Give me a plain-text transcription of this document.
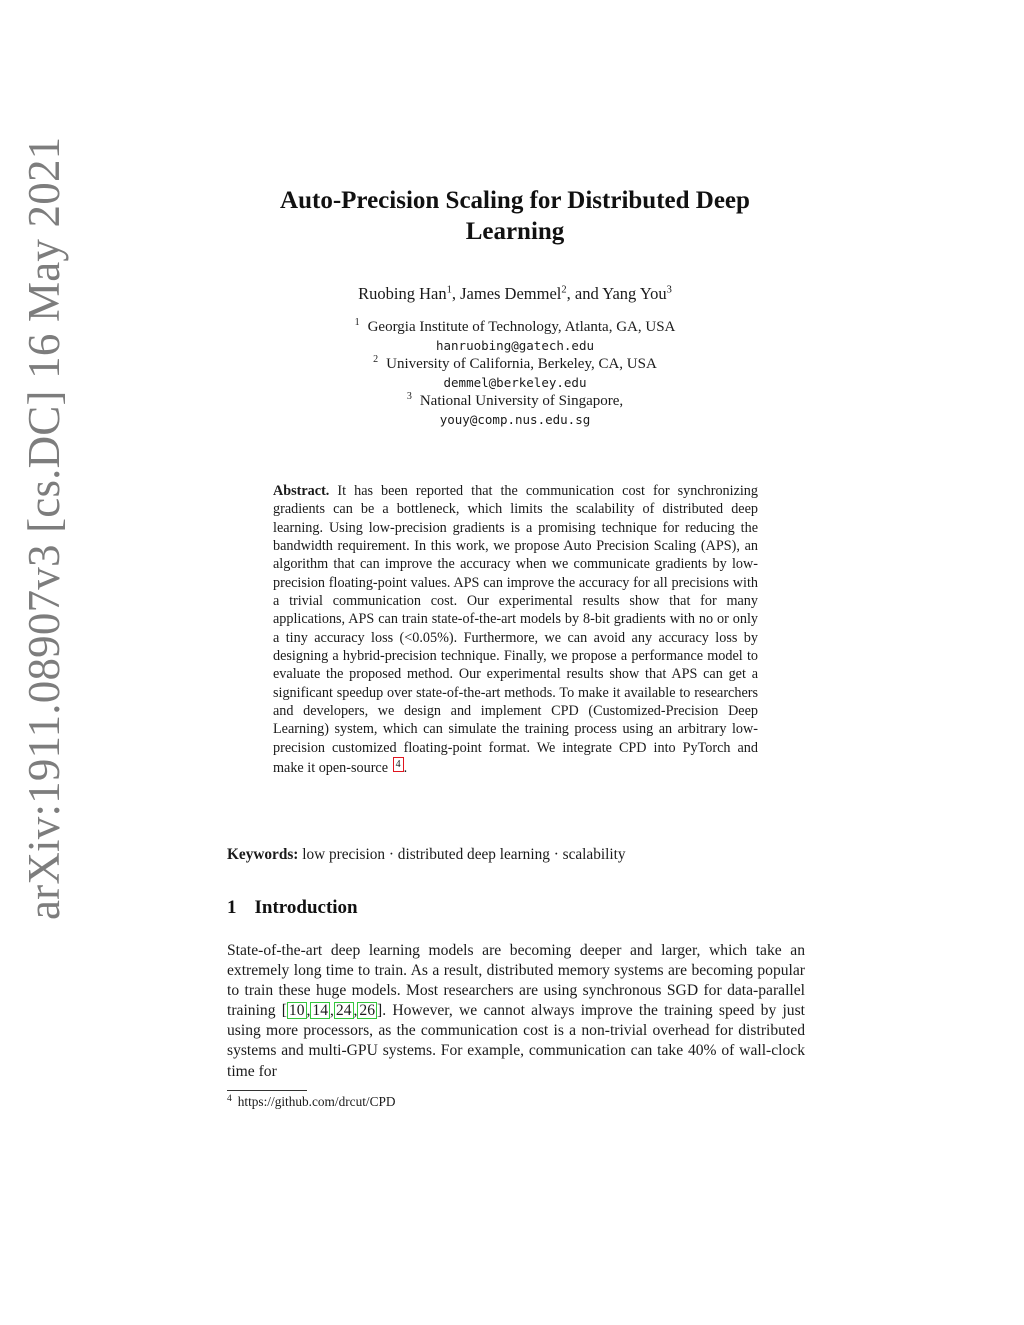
arXiv:1911.08907v3 [cs.DC] 16 May 2021	Auto-Precision Scaling for Distributed Deep
Learning
Ruobing Han$^1$, James Demmel$^2$, and Yang You$^3$
$^1$ Georgia Institute of Technology, Atlanta, GA, USA
hanruobing@gatech.edu
$^2$ University of California, Berkeley, CA, USA
demmel@berkeley.edu
$^3$ National University of Singapore,
youy@comp.nus.edu.sg
Abstract. It has been reported that the communication cost for synchronizing gradients can be a bottleneck, which limits the scalability of distributed deep learning. Using low-precision gradients is a promising technique for reducing the bandwidth requirement. In this work, we propose Auto Precision Scaling (APS), an algorithm that can improve the accuracy when we communicate gradients by low-precision floating-point values. APS can improve the accuracy for all precisions with a trivial communication cost. Our experimental results show that for many applications, APS can train state-of-the-art models by 8-bit gradients with no or only a tiny accuracy loss (<0.05%). Furthermore, we can avoid any accuracy loss by designing a hybrid-precision technique. Finally, we propose a performance model to evaluate the proposed method. Our experimental results show that APS can get a significant speedup over state-of-the-art methods. To make it available to researchers and developers, we design and implement CPD (Customized-Precision Deep Learning) system, which can simulate the training process using an arbitrary low-precision customized floating-point format. We integrate CPD into PyTorch and make it open-source 4 .
Keywords: low precision · distributed deep learning · scalability
1 Introduction
State-of-the-art deep learning models are becoming deeper and larger, which take an extremely long time to train. As a result, distributed memory systems are becoming popular to train these huge models. Most researchers are using synchronous SGD for data-parallel training [ 10 , 14 , 24 , 26 ]. However, we cannot always improve the training speed by just using more processors, as the communication cost is a non-trivial overhead for distributed systems and multi-GPU systems. For example, communication can take 40% of wall-clock time for
$^4$ https://github.com/drcut/CPD
